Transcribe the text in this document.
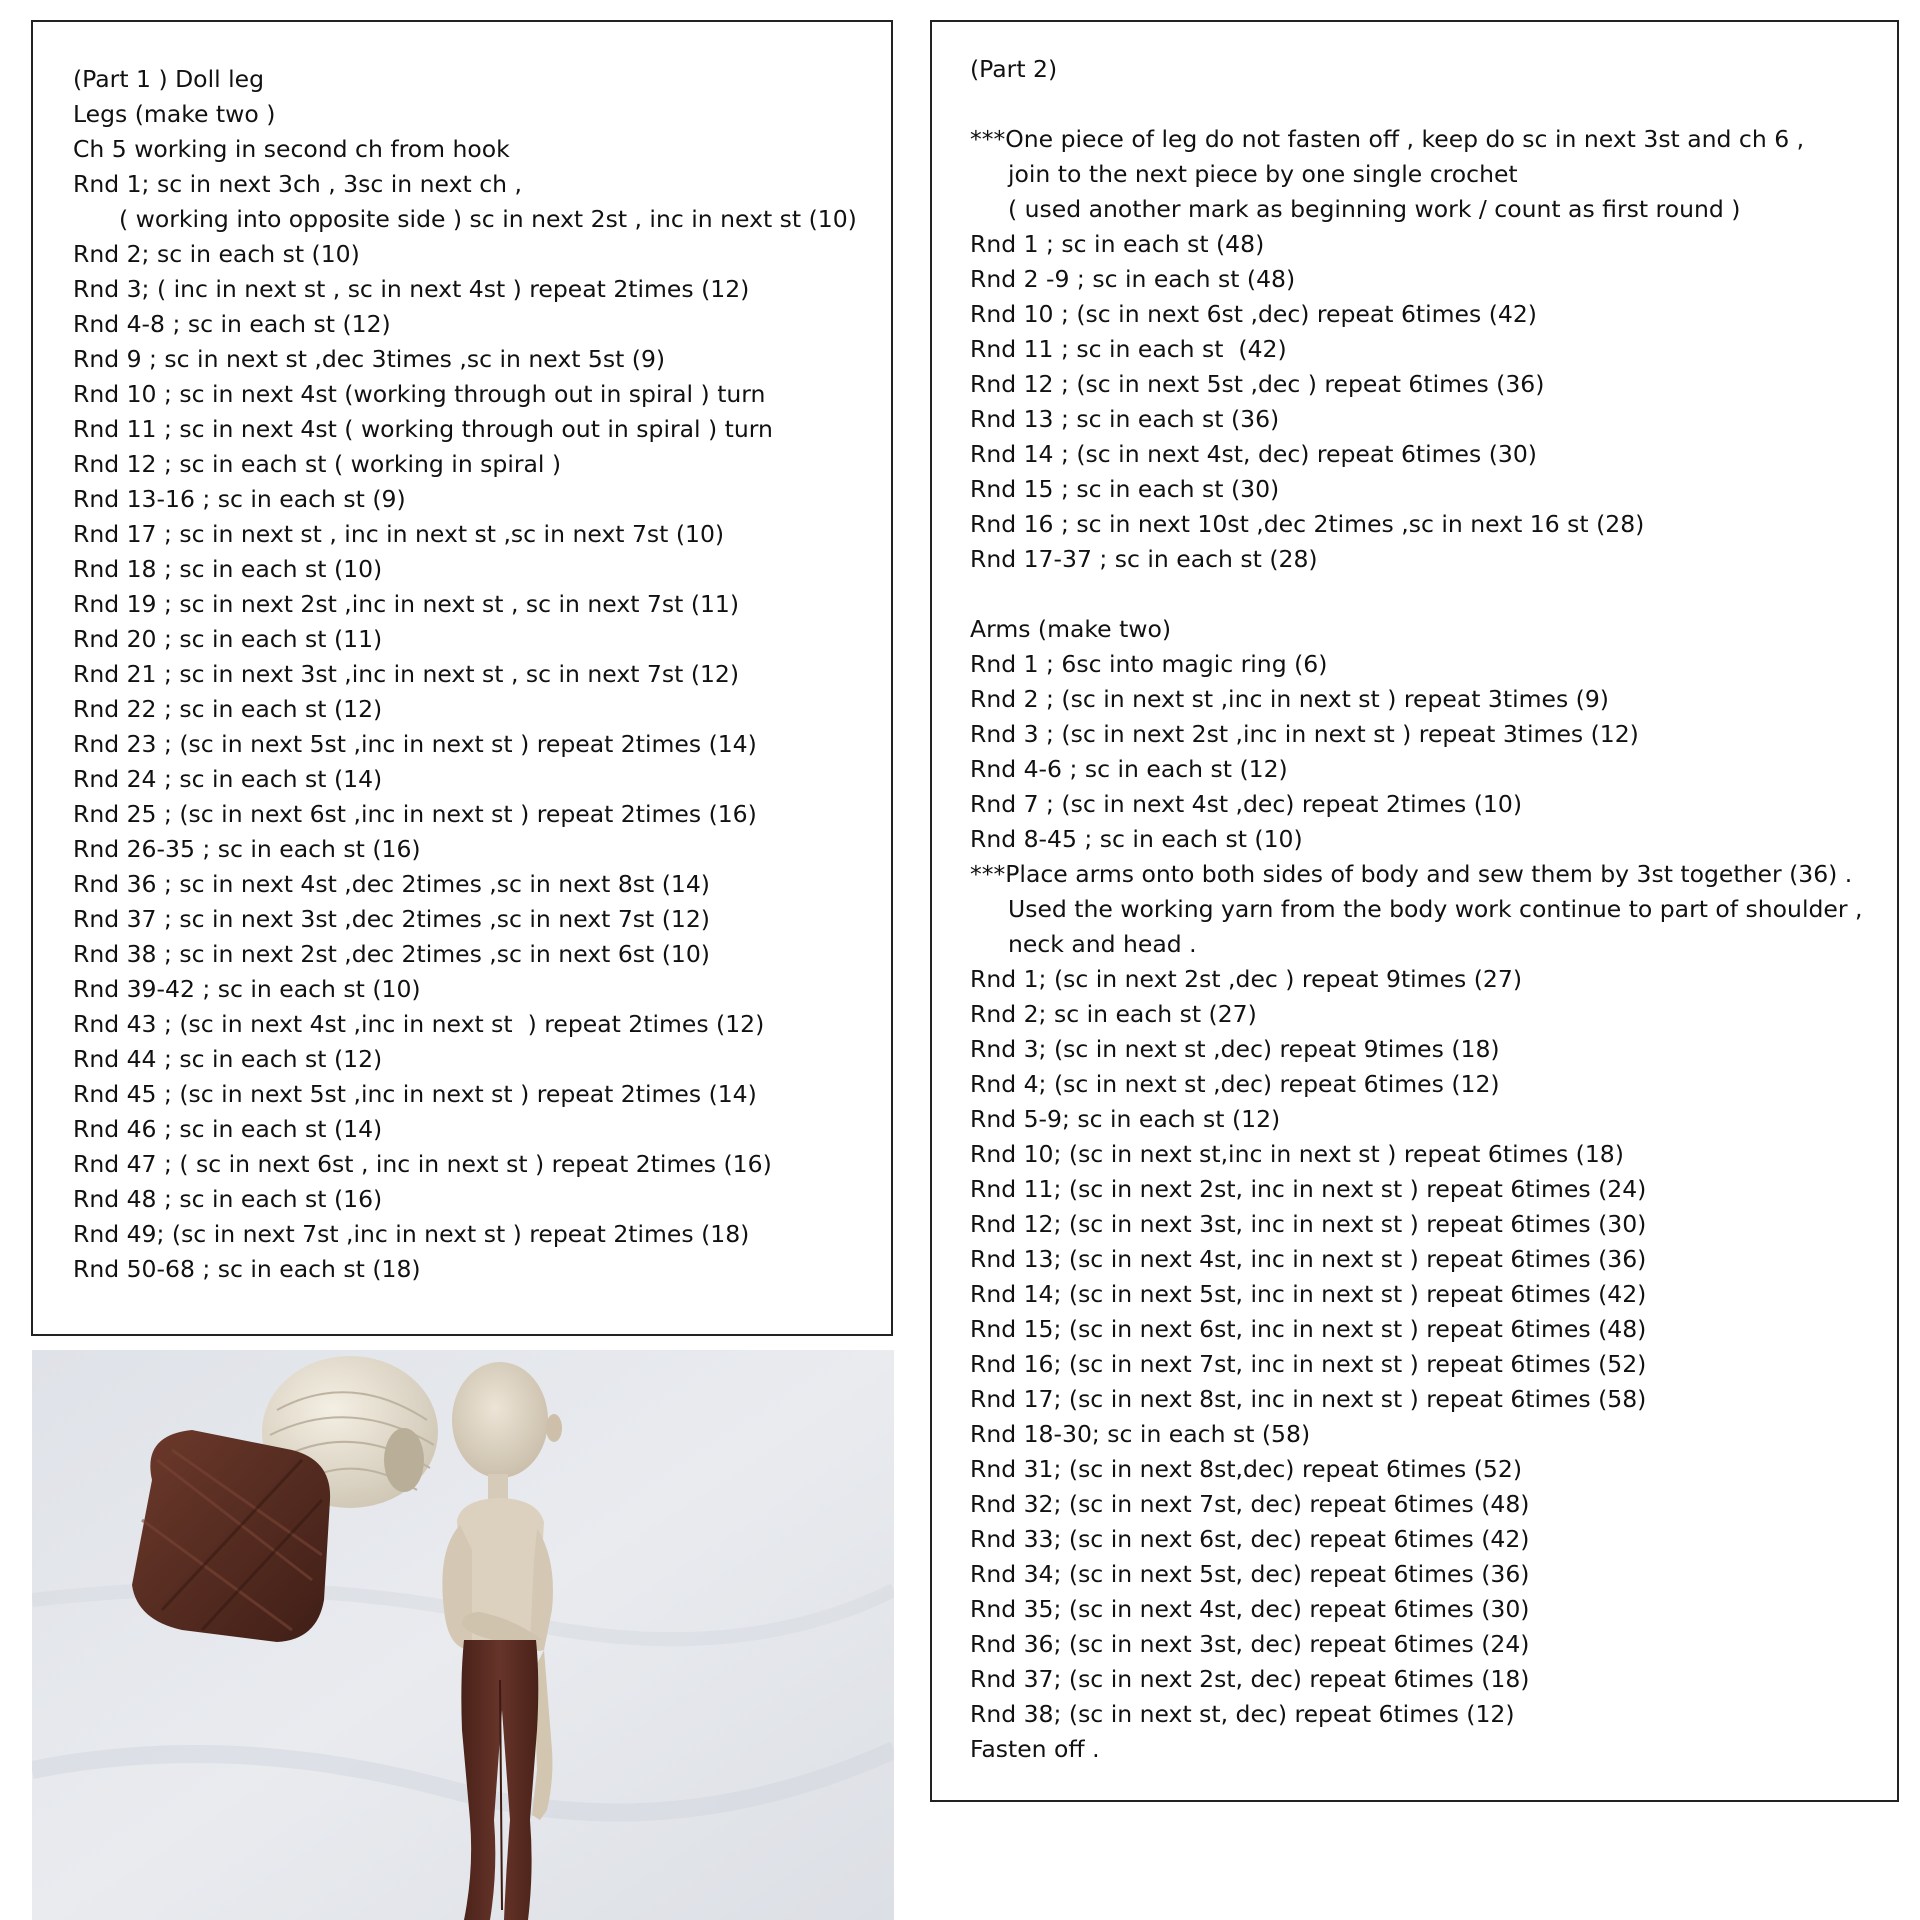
(Part 1 ) Doll leg
Legs (make two )
Ch 5 working in second ch from hook
Rnd 1; sc in next 3ch , 3sc in next ch ,
( working into opposite side ) sc in next 2st , inc in next st (10)
Rnd 2; sc in each st (10)
Rnd 3; ( inc in next st , sc in next 4st ) repeat 2times (12)
Rnd 4-8 ; sc in each st (12)
Rnd 9 ; sc in next st ,dec 3times ,sc in next 5st (9)
Rnd 10 ; sc in next 4st (working through out in spiral ) turn
Rnd 11 ; sc in next 4st ( working through out in spiral ) turn
Rnd 12 ; sc in each st ( working in spiral )
Rnd 13-16 ; sc in each st (9)
Rnd 17 ; sc in next st , inc in next st ,sc in next 7st (10)
Rnd 18 ; sc in each st (10)
Rnd 19 ; sc in next 2st ,inc in next st , sc in next 7st (11)
Rnd 20 ; sc in each st (11)
Rnd 21 ; sc in next 3st ,inc in next st , sc in next 7st (12)
Rnd 22 ; sc in each st (12)
Rnd 23 ; (sc in next 5st ,inc in next st ) repeat 2times (14)
Rnd 24 ; sc in each st (14)
Rnd 25 ; (sc in next 6st ,inc in next st ) repeat 2times (16)
Rnd 26-35 ; sc in each st (16)
Rnd 36 ; sc in next 4st ,dec 2times ,sc in next 8st (14)
Rnd 37 ; sc in next 3st ,dec 2times ,sc in next 7st (12)
Rnd 38 ; sc in next 2st ,dec 2times ,sc in next 6st (10)
Rnd 39-42 ; sc in each st (10)
Rnd 43 ; (sc in next 4st ,inc in next st  ) repeat 2times (12)
Rnd 44 ; sc in each st (12)
Rnd 45 ; (sc in next 5st ,inc in next st ) repeat 2times (14)
Rnd 46 ; sc in each st (14)
Rnd 47 ; ( sc in next 6st , inc in next st ) repeat 2times (16)
Rnd 48 ; sc in each st (16)
Rnd 49; (sc in next 7st ,inc in next st ) repeat 2times (18)
Rnd 50-68 ; sc in each st (18)
(Part 2)
***One piece of leg do not fasten off , keep do sc in next 3st and ch 6 ,
join to the next piece by one single crochet
( used another mark as beginning work / count as first round )
Rnd 1 ; sc in each st (48)
Rnd 2 -9 ; sc in each st (48)
Rnd 10 ; (sc in next 6st ,dec) repeat 6times (42)
Rnd 11 ; sc in each st  (42)
Rnd 12 ; (sc in next 5st ,dec ) repeat 6times (36)
Rnd 13 ; sc in each st (36)
Rnd 14 ; (sc in next 4st, dec) repeat 6times (30)
Rnd 15 ; sc in each st (30)
Rnd 16 ; sc in next 10st ,dec 2times ,sc in next 16 st (28)
Rnd 17-37 ; sc in each st (28)
Arms (make two)
Rnd 1 ; 6sc into magic ring (6)
Rnd 2 ; (sc in next st ,inc in next st ) repeat 3times (9)
Rnd 3 ; (sc in next 2st ,inc in next st ) repeat 3times (12)
Rnd 4-6 ; sc in each st (12)
Rnd 7 ; (sc in next 4st ,dec) repeat 2times (10)
Rnd 8-45 ; sc in each st (10)
***Place arms onto both sides of body and sew them by 3st together (36) .
Used the working yarn from the body work continue to part of shoulder ,
neck and head .
Rnd 1; (sc in next 2st ,dec ) repeat 9times (27)
Rnd 2; sc in each st (27)
Rnd 3; (sc in next st ,dec) repeat 9times (18)
Rnd 4; (sc in next st ,dec) repeat 6times (12)
Rnd 5-9; sc in each st (12)
Rnd 10; (sc in next st,inc in next st ) repeat 6times (18)
Rnd 11; (sc in next 2st, inc in next st ) repeat 6times (24)
Rnd 12; (sc in next 3st, inc in next st ) repeat 6times (30)
Rnd 13; (sc in next 4st, inc in next st ) repeat 6times (36)
Rnd 14; (sc in next 5st, inc in next st ) repeat 6times (42)
Rnd 15; (sc in next 6st, inc in next st ) repeat 6times (48)
Rnd 16; (sc in next 7st, inc in next st ) repeat 6times (52)
Rnd 17; (sc in next 8st, inc in next st ) repeat 6times (58)
Rnd 18-30; sc in each st (58)
Rnd 31; (sc in next 8st,dec) repeat 6times (52)
Rnd 32; (sc in next 7st, dec) repeat 6times (48)
Rnd 33; (sc in next 6st, dec) repeat 6times (42)
Rnd 34; (sc in next 5st, dec) repeat 6times (36)
Rnd 35; (sc in next 4st, dec) repeat 6times (30)
Rnd 36; (sc in next 3st, dec) repeat 6times (24)
Rnd 37; (sc in next 2st, dec) repeat 6times (18)
Rnd 38; (sc in next st, dec) repeat 6times (12)
Fasten off .
